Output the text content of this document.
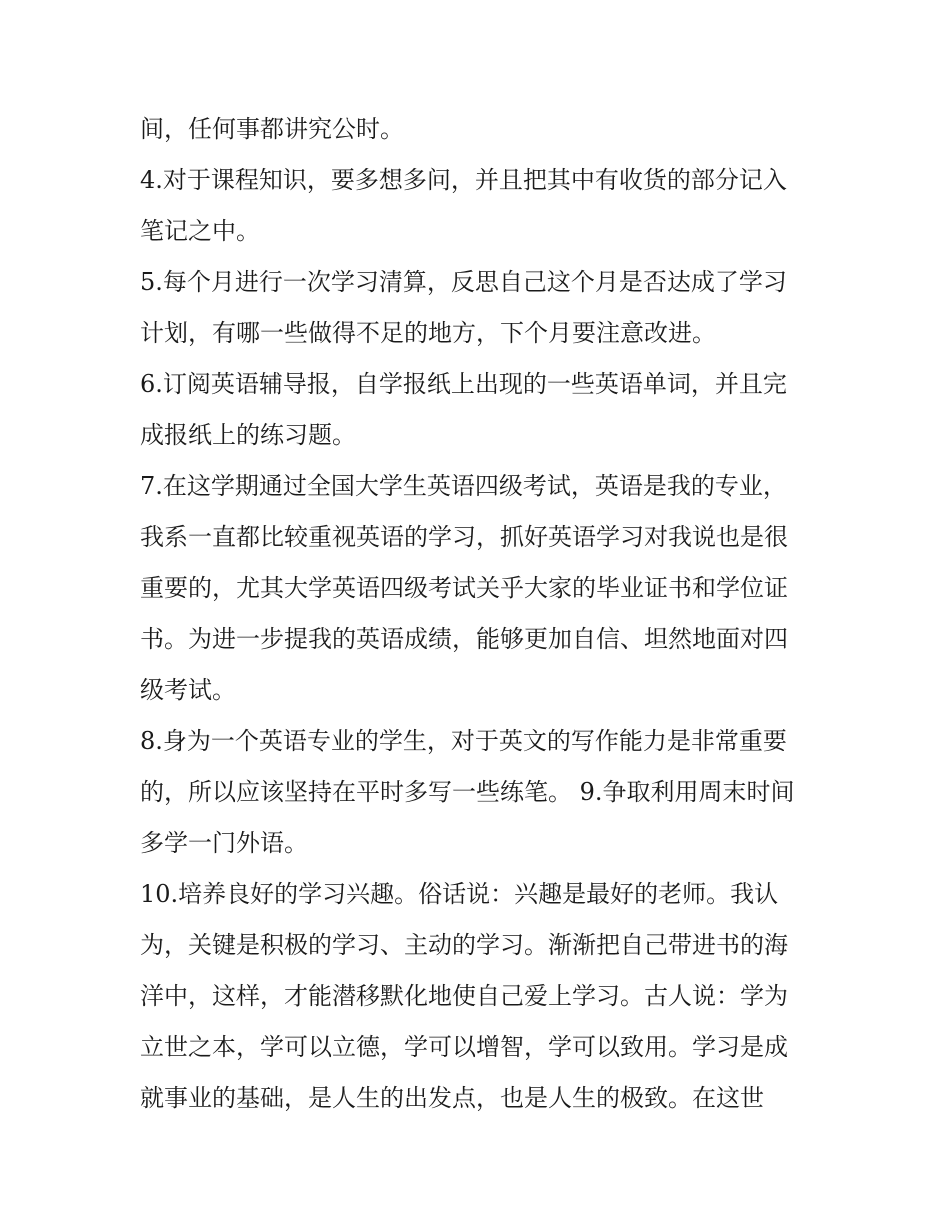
间，任何事都讲究公时。
4.对于课程知识，要多想多问，并且把其中有收货的部分记入
笔记之中。
5.每个月进行一次学习清算，反思自己这个月是否达成了学习
计划，有哪一些做得不足的地方，下个月要注意改进。
6.订阅英语辅导报，自学报纸上出现的一些英语单词，并且完
成报纸上的练习题。
7.在这学期通过全国大学生英语四级考试，英语是我的专业，
我系一直都比较重视英语的学习，抓好英语学习对我说也是很
重要的，尤其大学英语四级考试关乎大家的毕业证书和学位证
书。为进一步提我的英语成绩，能够更加自信、坦然地面对四
级考试。
8.身为一个英语专业的学生，对于英文的写作能力是非常重要
的，所以应该坚持在平时多写一些练笔。 9.争取利用周末时间
多学一门外语。
10.培养良好的学习兴趣。俗话说：兴趣是最好的老师。我认
为，关键是积极的学习、主动的学习。渐渐把自己带进书的海
洋中，这样，才能潜移默化地使自己爱上学习。古人说：学为
立世之本，学可以立德，学可以增智，学可以致用。学习是成
就事业的基础，是人生的出发点，也是人生的极致。在这世
